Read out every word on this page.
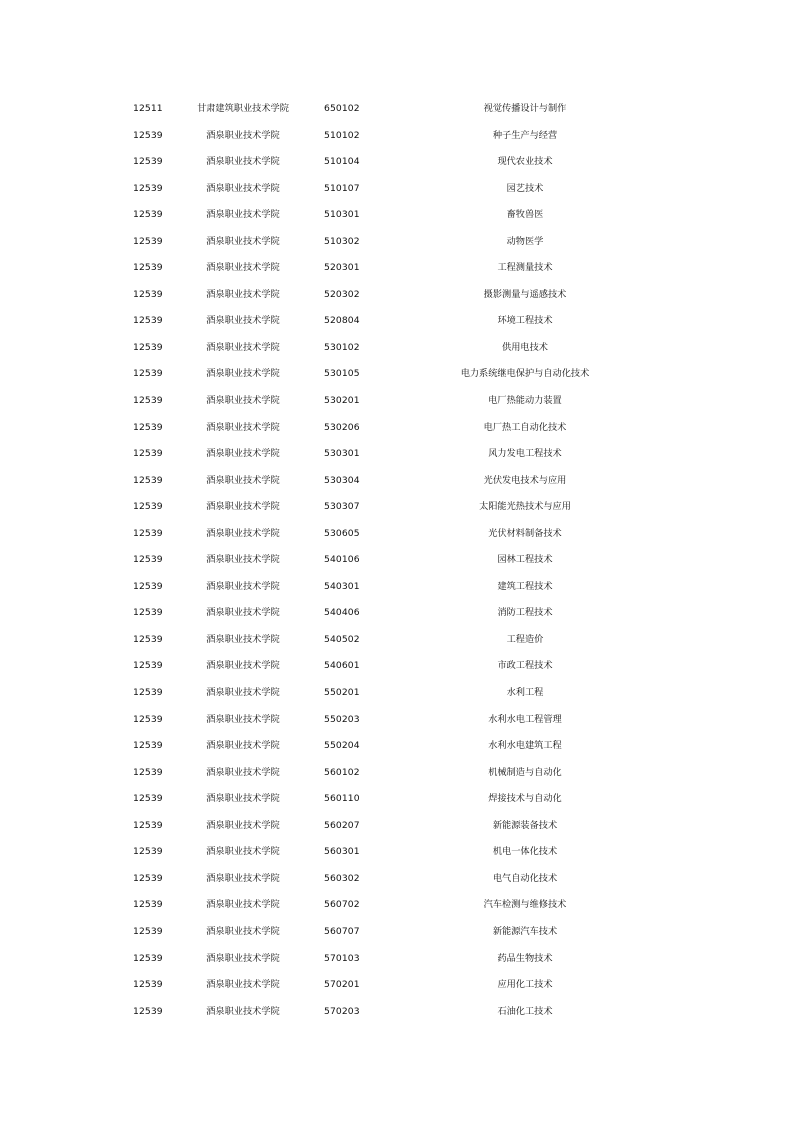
12511	甘肃建筑职业技术学院	650102	视觉传播设计与制作
12539	酒泉职业技术学院	510102	种子生产与经营
12539	酒泉职业技术学院	510104	现代农业技术
12539	酒泉职业技术学院	510107	园艺技术
12539	酒泉职业技术学院	510301	畜牧兽医
12539	酒泉职业技术学院	510302	动物医学
12539	酒泉职业技术学院	520301	工程测量技术
12539	酒泉职业技术学院	520302	摄影测量与遥感技术
12539	酒泉职业技术学院	520804	环境工程技术
12539	酒泉职业技术学院	530102	供用电技术
12539	酒泉职业技术学院	530105	电力系统继电保护与自动化技术
12539	酒泉职业技术学院	530201	电厂热能动力装置
12539	酒泉职业技术学院	530206	电厂热工自动化技术
12539	酒泉职业技术学院	530301	风力发电工程技术
12539	酒泉职业技术学院	530304	光伏发电技术与应用
12539	酒泉职业技术学院	530307	太阳能光热技术与应用
12539	酒泉职业技术学院	530605	光伏材料制备技术
12539	酒泉职业技术学院	540106	园林工程技术
12539	酒泉职业技术学院	540301	建筑工程技术
12539	酒泉职业技术学院	540406	消防工程技术
12539	酒泉职业技术学院	540502	工程造价
12539	酒泉职业技术学院	540601	市政工程技术
12539	酒泉职业技术学院	550201	水利工程
12539	酒泉职业技术学院	550203	水利水电工程管理
12539	酒泉职业技术学院	550204	水利水电建筑工程
12539	酒泉职业技术学院	560102	机械制造与自动化
12539	酒泉职业技术学院	560110	焊接技术与自动化
12539	酒泉职业技术学院	560207	新能源装备技术
12539	酒泉职业技术学院	560301	机电一体化技术
12539	酒泉职业技术学院	560302	电气自动化技术
12539	酒泉职业技术学院	560702	汽车检测与维修技术
12539	酒泉职业技术学院	560707	新能源汽车技术
12539	酒泉职业技术学院	570103	药品生物技术
12539	酒泉职业技术学院	570201	应用化工技术
12539	酒泉职业技术学院	570203	石油化工技术
